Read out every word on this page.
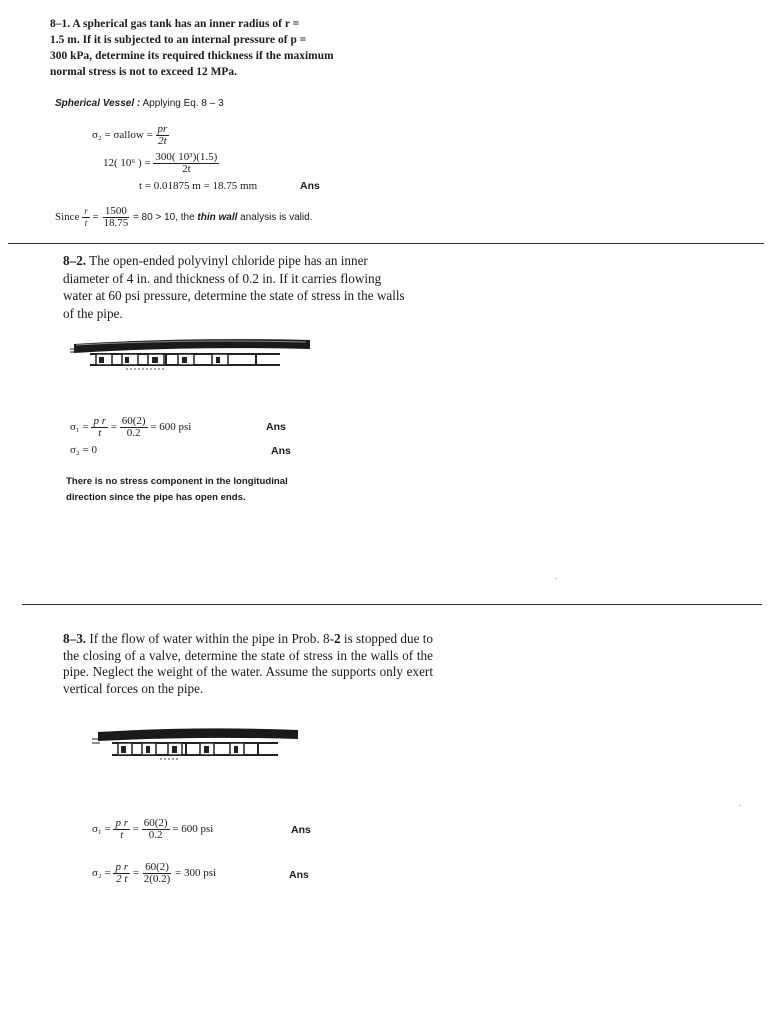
8–1. A spherical gas tank has an inner radius of r =
1.5 m. If it is subjected to an internal pressure of p =
300 kPa, determine its required thickness if the maximum
normal stress is not to exceed 12 MPa.
Spherical Vessel : Applying Eq. 8 – 3
σ₂ = σallow = $\frac{pr}{2t}$
12( 10⁶ ) = $\frac{\text{300( 10³)(1.5)}}{2t}$
t = 0.01875 m = 18.75 mm	Ans
Since $\frac{r}{t} = \frac{1500}{18.75} = 80 > 10$, the thin wall analysis is valid.
8–2. The open-ended polyvinyl chloride pipe has an inner diameter of 4 in. and thickness of 0.2 in. If it carries flowing water at 60 psi pressure, determine the state of stress in the walls of the pipe.
$\sigma_1 = \frac{\text{p r}}{t} = \frac{60(2)}{0.2} = 600$ psi	Ans
σ₂ = 0	Ans
There is no stress component in the longitudinal
direction since the pipe has open ends.
8–3. If the flow of water within the pipe in Prob. 8-2 is stopped due to the closing of a valve, determine the state of stress in the walls of the pipe. Neglect the weight of the water. Assume the supports only exert vertical forces on the pipe.
$\sigma_1 = \frac{\text{p r}}{t} = \frac{60(2)}{0.2} = 600$ psi	Ans
$\sigma_2 = \frac{\text{p r}}{2 t} = \frac{60(2)}{2(0.2)} = 300$ psi	Ans
